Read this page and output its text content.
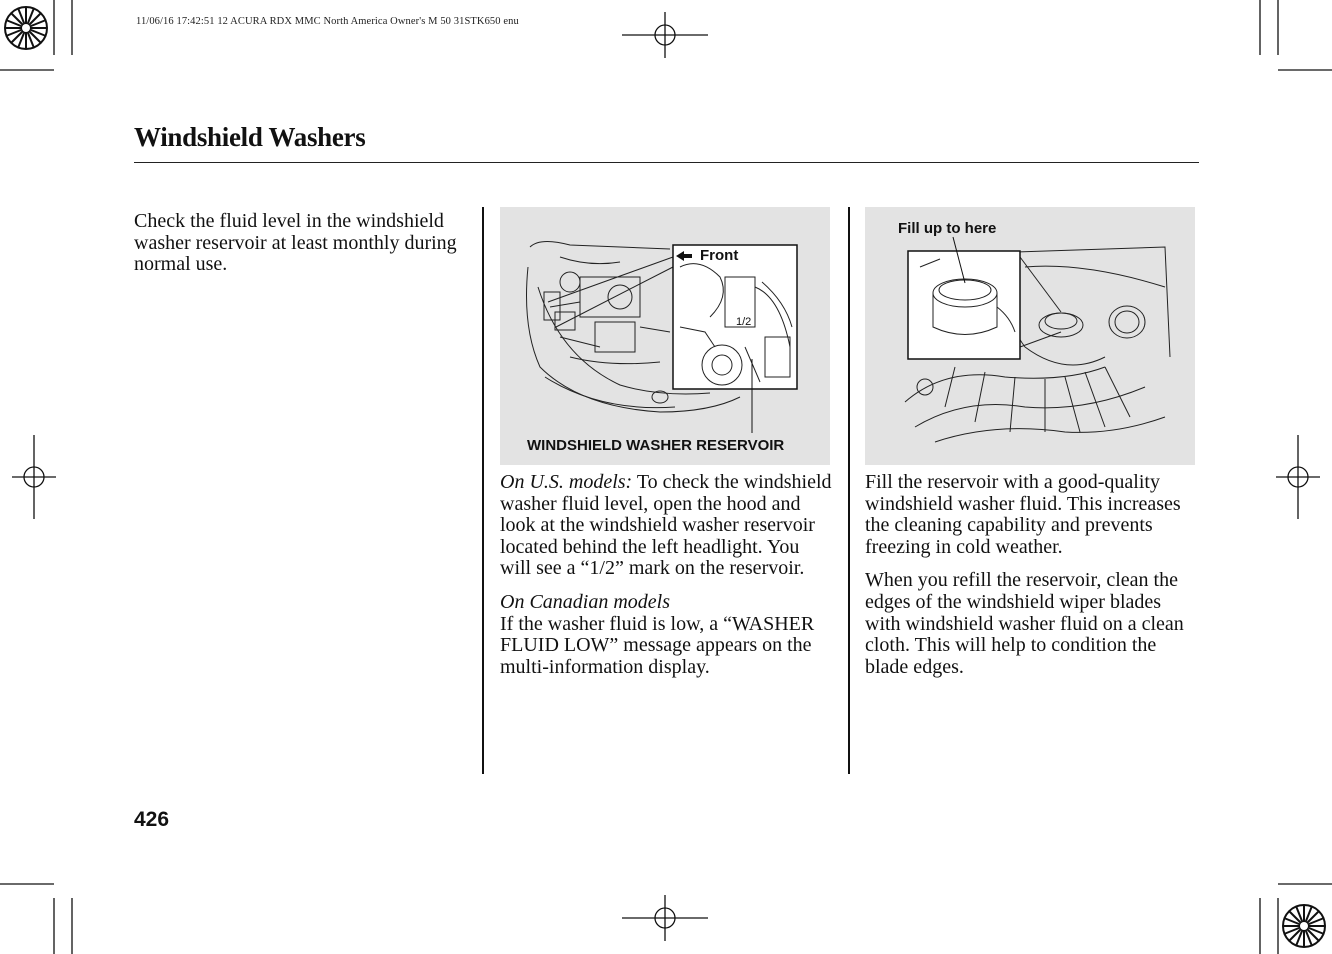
11/06/16 17:42:51 12 ACURA RDX MMC North America Owner's M 50 31STK650 enu
Windshield Washers

Check the fluid level in the windshield washer reservoir at least monthly during normal use.

1/2
Front
WINDSHIELD WASHER RESERVOIR

On U.S. models: To check the windshield washer fluid level, open the hood and look at the windshield washer reservoir located behind the left headlight. You will see a “1/2” mark on the reservoir.

On Canadian models

If the washer fluid is low, a “WASHER FLUID LOW” message appears on the multi-information display.

Fill up to here

Fill the reservoir with a good-quality windshield washer fluid. This increases the cleaning capability and prevents freezing in cold weather.

When you refill the reservoir, clean the edges of the windshield wiper blades with windshield washer fluid on a clean cloth. This will help to condition the blade edges.

426
